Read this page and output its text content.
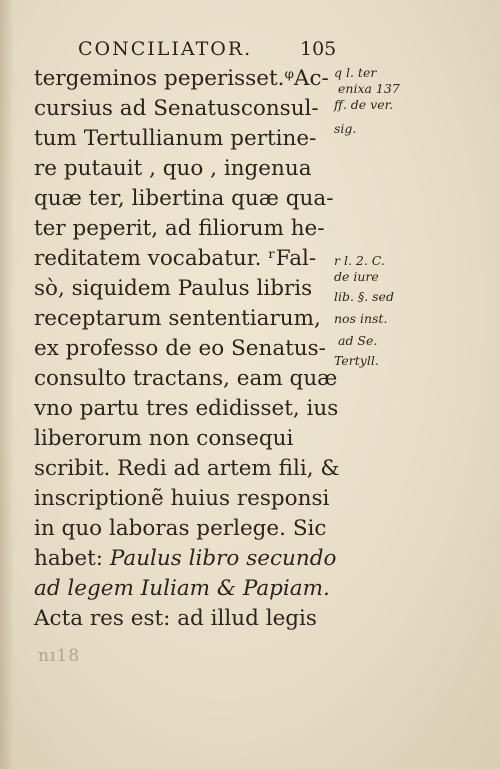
CONCILIATOR.	105
tergeminos peperisset.ᵠAc-
cursius ad Senatusconsul-
tum Tertullianum pertine-
re putauit , quo , ingenua
quæ ter, libertina quæ qua-
ter peperit, ad filiorum he-
reditatem vocabatur. ʳFal-
sò, siquidem Paulus libris
receptarum sententiarum,
ex professo de eo Senatus-
consulto tractans, eam quæ
vno partu tres edidisset, ius
liberorum non consequi
scribit. Redi ad artem fili, &
inscriptionẽ huius responsi
in quo laboras perlege. Sic
habet: Paulus libro secundo
ad legem Iuliam & Papiam.
Acta res est: ad illud legis
q l. ter
enixa 137
ff. de ver.
sig.
r l. 2. C.
de iure
lib. §. sed
nos inst.
ad Se.
Tertyll.
nı18
